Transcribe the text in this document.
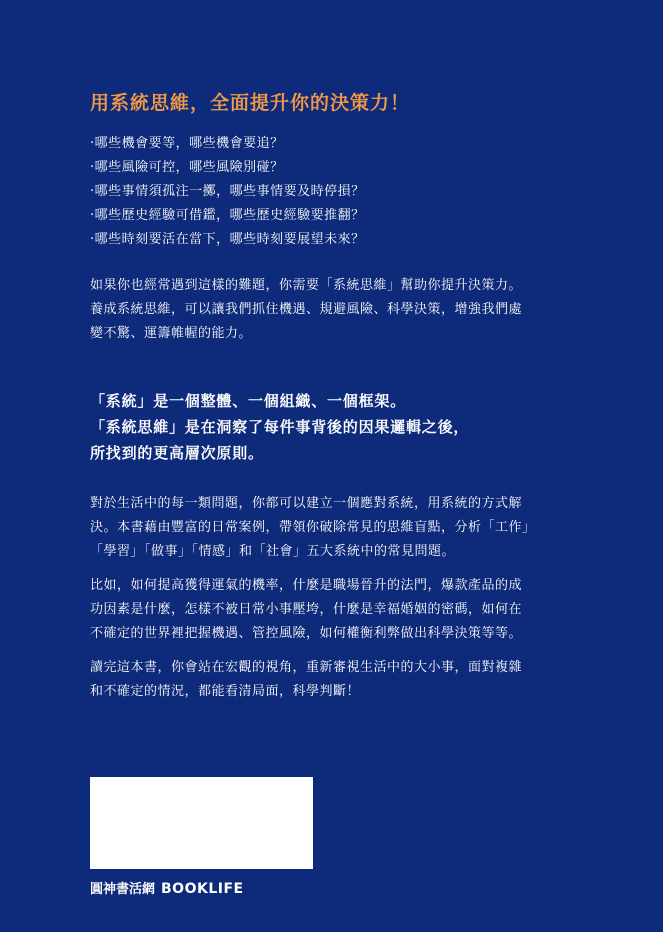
用系統思維，全面提升你的決策力！
‧哪些機會要等，哪些機會要追？
‧哪些風險可控，哪些風險別碰？
‧哪些事情須孤注一擲，哪些事情要及時停損？
‧哪些歷史經驗可借鑑，哪些歷史經驗要推翻？
‧哪些時刻要活在當下，哪些時刻要展望未來？

如果你也經常遇到這樣的難題，你需要「系統思維」幫助你提升決策力。
養成系統思維，可以讓我們抓住機遇、規避風險、科學決策，增強我們處
變不驚、運籌帷幄的能力。

「系統」是一個整體、一個組織、一個框架。
「系統思維」是在洞察了每件事背後的因果邏輯之後，
所找到的更高層次原則。

對於生活中的每一類問題，你都可以建立一個應對系統，用系統的方式解
決。本書藉由豐富的日常案例，帶領你破除常見的思維盲點，分析「工作」
「學習」「做事」「情感」和「社會」五大系統中的常見問題。

比如，如何提高獲得運氣的機率，什麼是職場晉升的法門，爆款產品的成
功因素是什麼，怎樣不被日常小事壓垮，什麼是幸福婚姻的密碼，如何在
不確定的世界裡把握機遇、管控風險，如何權衡利弊做出科學決策等等。

讀完這本書，你會站在宏觀的視角，重新審視生活中的大小事，面對複雜
和不確定的情況，都能看清局面，科學判斷！

圓神書活網 BOOKLIFE
